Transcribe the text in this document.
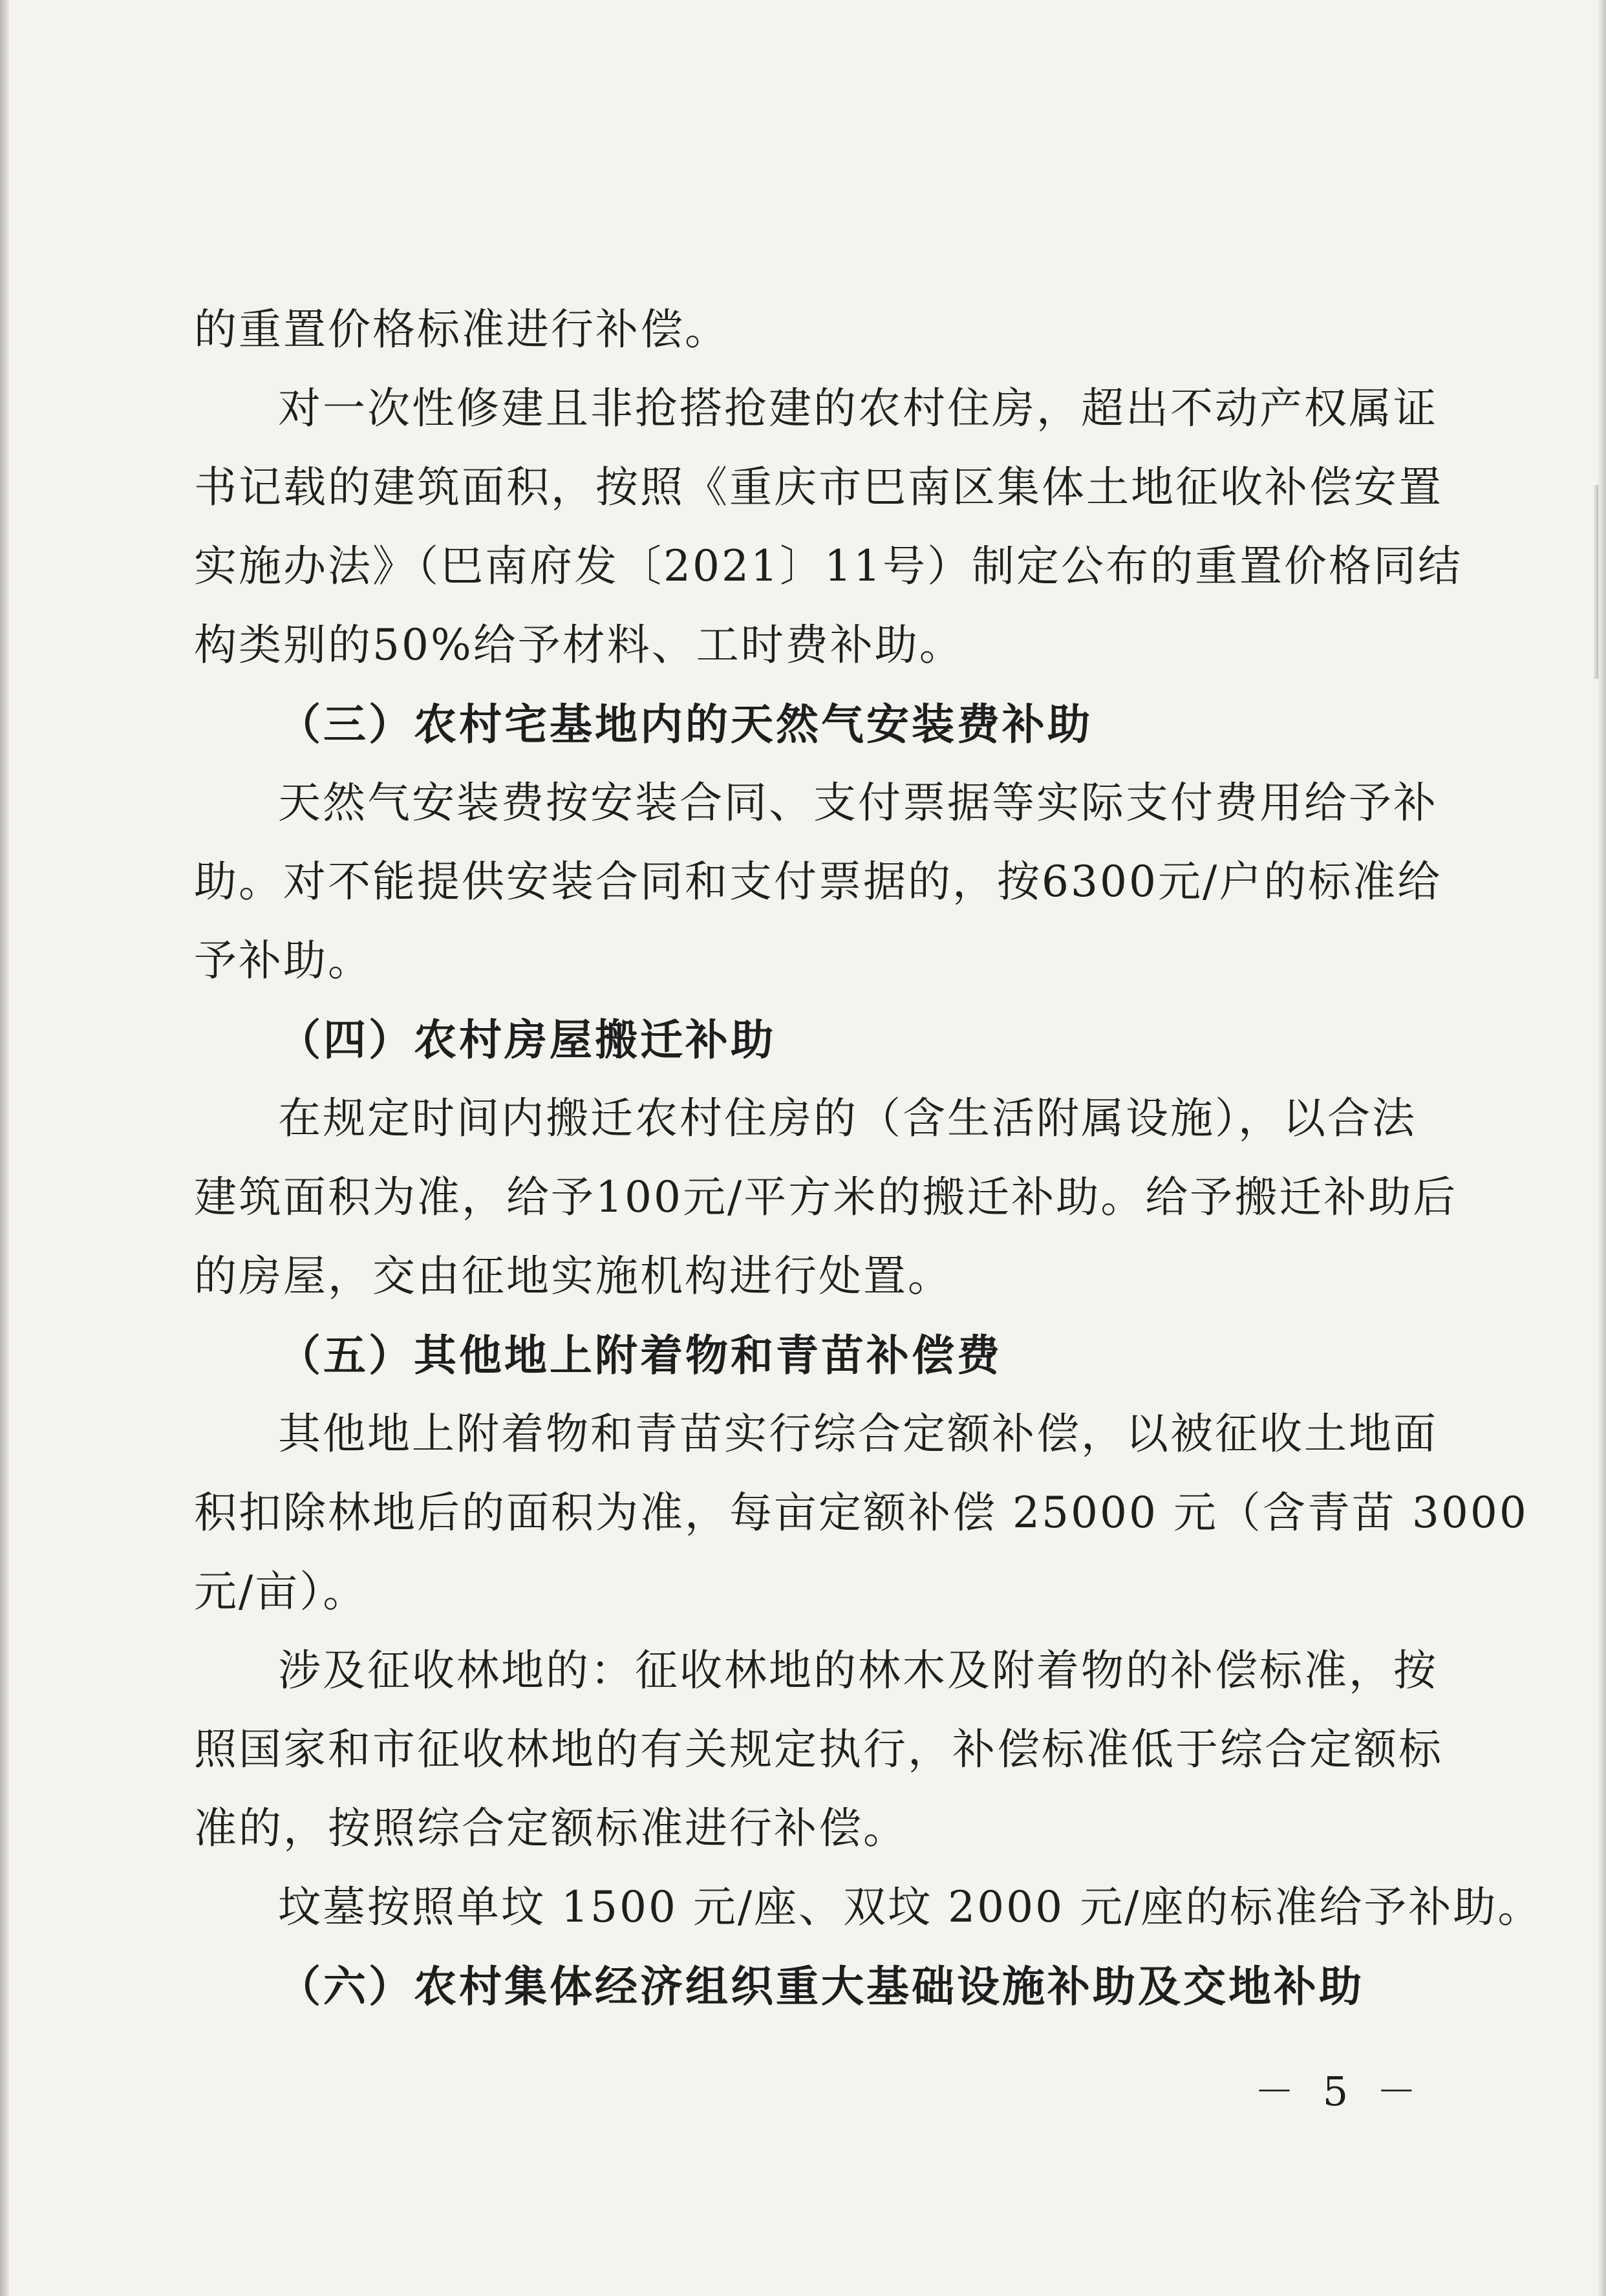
的重置价格标准进行补偿。
对一次性修建且非抢搭抢建的农村住房，超出不动产权属证
书记载的建筑面积，按照《重庆市巴南区集体土地征收补偿安置
实施办法》（巴南府发〔2021〕11号）制定公布的重置价格同结
构类别的50%给予材料、工时费补助。
（三）农村宅基地内的天然气安装费补助
天然气安装费按安装合同、支付票据等实际支付费用给予补
助。对不能提供安装合同和支付票据的，按6300元/户的标准给
予补助。
（四）农村房屋搬迁补助
在规定时间内搬迁农村住房的（含生活附属设施），以合法
建筑面积为准，给予100元/平方米的搬迁补助。给予搬迁补助后
的房屋，交由征地实施机构进行处置。
（五）其他地上附着物和青苗补偿费
其他地上附着物和青苗实行综合定额补偿，以被征收土地面
积扣除林地后的面积为准，每亩定额补偿 25000 元（含青苗 3000
元/亩）。
涉及征收林地的：征收林地的林木及附着物的补偿标准，按
照国家和市征收林地的有关规定执行，补偿标准低于综合定额标
准的，按照综合定额标准进行补偿。
坟墓按照单坟 1500 元/座、双坟 2000 元/座的标准给予补助。
（六）农村集体经济组织重大基础设施补助及交地补助
－ 5 －
